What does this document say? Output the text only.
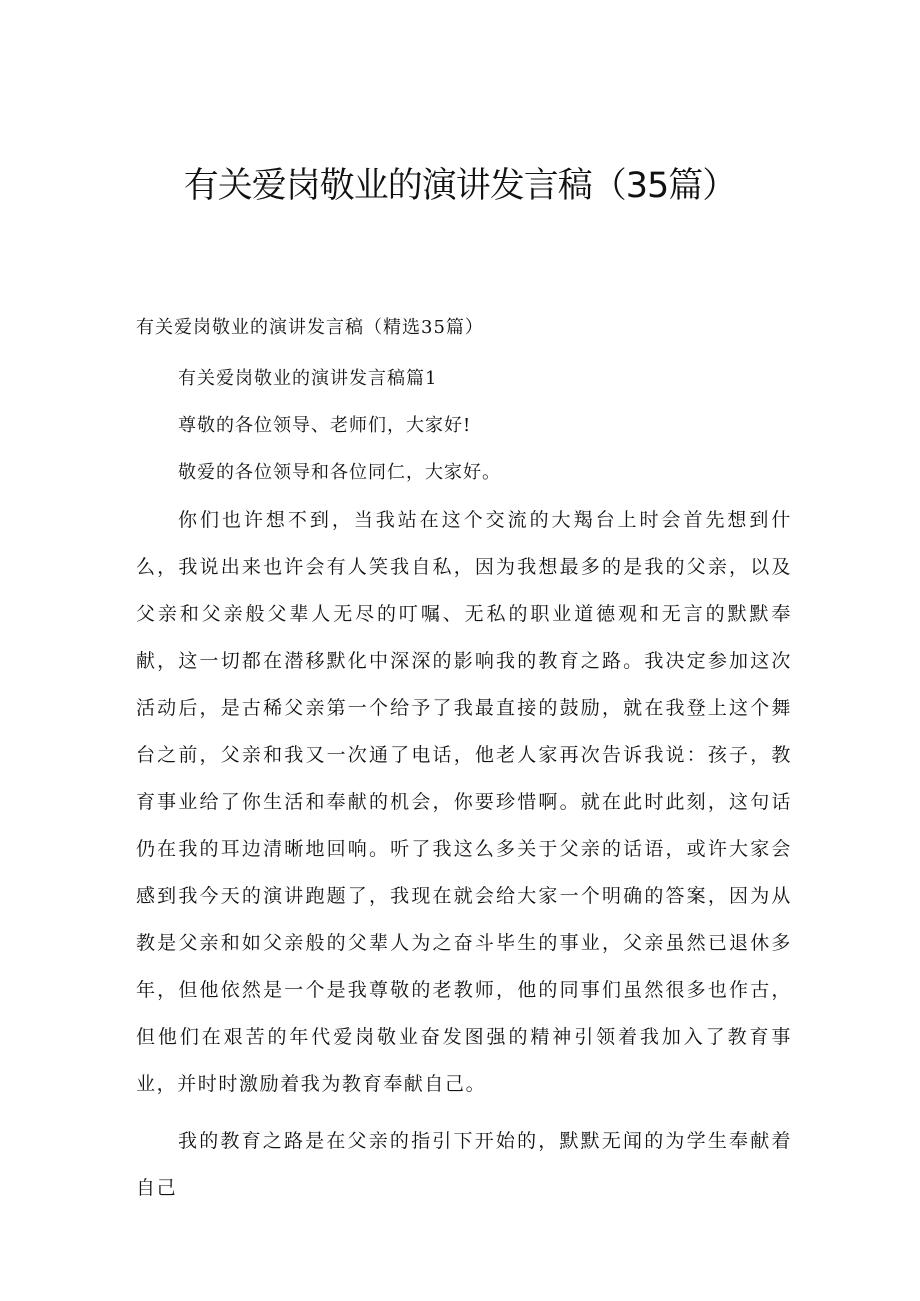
有关爱岗敬业的演讲发言稿（35篇）

有关爱岗敬业的演讲发言稿（精选35篇）

有关爱岗敬业的演讲发言稿篇1

尊敬的各位领导、老师们，大家好!

敬爱的各位领导和各位同仁，大家好。

你们也许想不到，当我站在这个交流的大羯台上时会首先想到什么，我说出来也许会有人笑我自私，因为我想最多的是我的父亲，以及父亲和父亲般父辈人无尽的叮嘱、无私的职业道德观和无言的默默奉献，这一切都在潜移默化中深深的影响我的教育之路。我决定参加这次活动后，是古稀父亲第一个给予了我最直接的鼓励，就在我登上这个舞台之前，父亲和我又一次通了电话，他老人家再次告诉我说：孩子，教育事业给了你生活和奉献的机会，你要珍惜啊。就在此时此刻，这句话仍在我的耳边清晰地回响。听了我这么多关于父亲的话语，或许大家会感到我今天的演讲跑题了，我现在就会给大家一个明确的答案，因为从教是父亲和如父亲般的父辈人为之奋斗毕生的事业，父亲虽然已退休多年，但他依然是一个是我尊敬的老教师，他的同事们虽然很多也作古，但他们在艰苦的年代爱岗敬业奋发图强的精神引领着我加入了教育事业，并时时激励着我为教育奉献自己。

我的教育之路是在父亲的指引下开始的，默默无闻的为学生奉献着自己
